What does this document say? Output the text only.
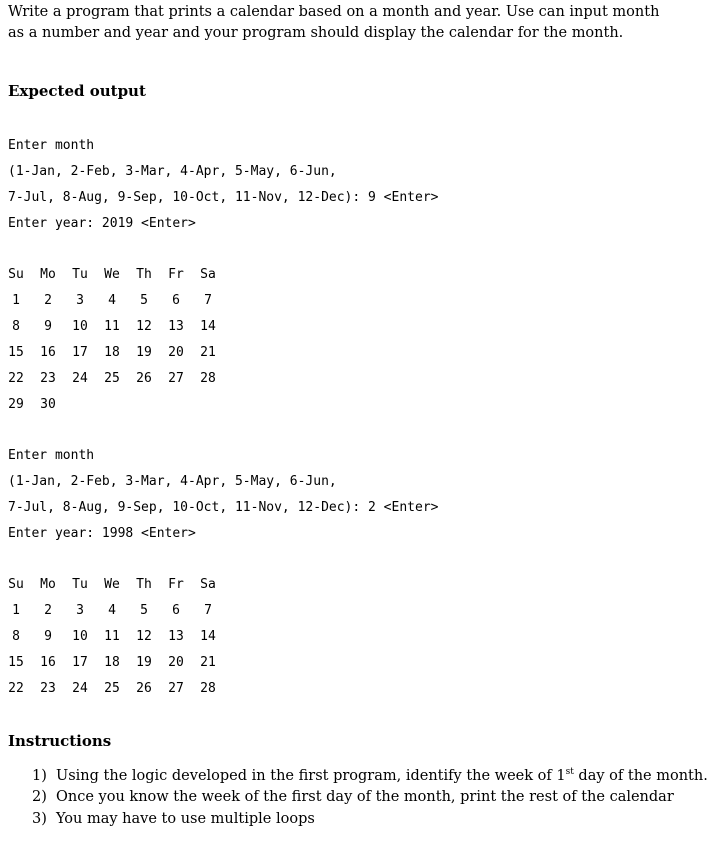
Write a program that prints a calendar based on a month and year. Use can input month as a number and year and your program should display the calendar for the month.

Expected output
Enter month
(1-Jan, 2-Feb, 3-Mar, 4-Apr, 5-May, 6-Jun,
7-Jul, 8-Aug, 9-Sep, 10-Oct, 11-Nov, 12-Dec): 9 <Enter>
Enter year: 2019 <Enter>
Su	Mo	Tu	We	Th	Fr	Sa
1	2	3	4	5	6	7
8	9	10	11	12	13	14
15	16	17	18	19	20	21
22	23	24	25	26	27	28
29	30
Enter month
(1-Jan, 2-Feb, 3-Mar, 4-Apr, 5-May, 6-Jun,
7-Jul, 8-Aug, 9-Sep, 10-Oct, 11-Nov, 12-Dec): 2 <Enter>
Enter year: 1998 <Enter>
Su	Mo	Tu	We	Th	Fr	Sa
1	2	3	4	5	6	7
8	9	10	11	12	13	14
15	16	17	18	19	20	21
22	23	24	25	26	27	28
Instructions
1) Using the logic developed in the first program, identify the week of 1st day of the month.
2) Once you know the week of the first day of the month, print the rest of the calendar
3) You may have to use multiple loops
